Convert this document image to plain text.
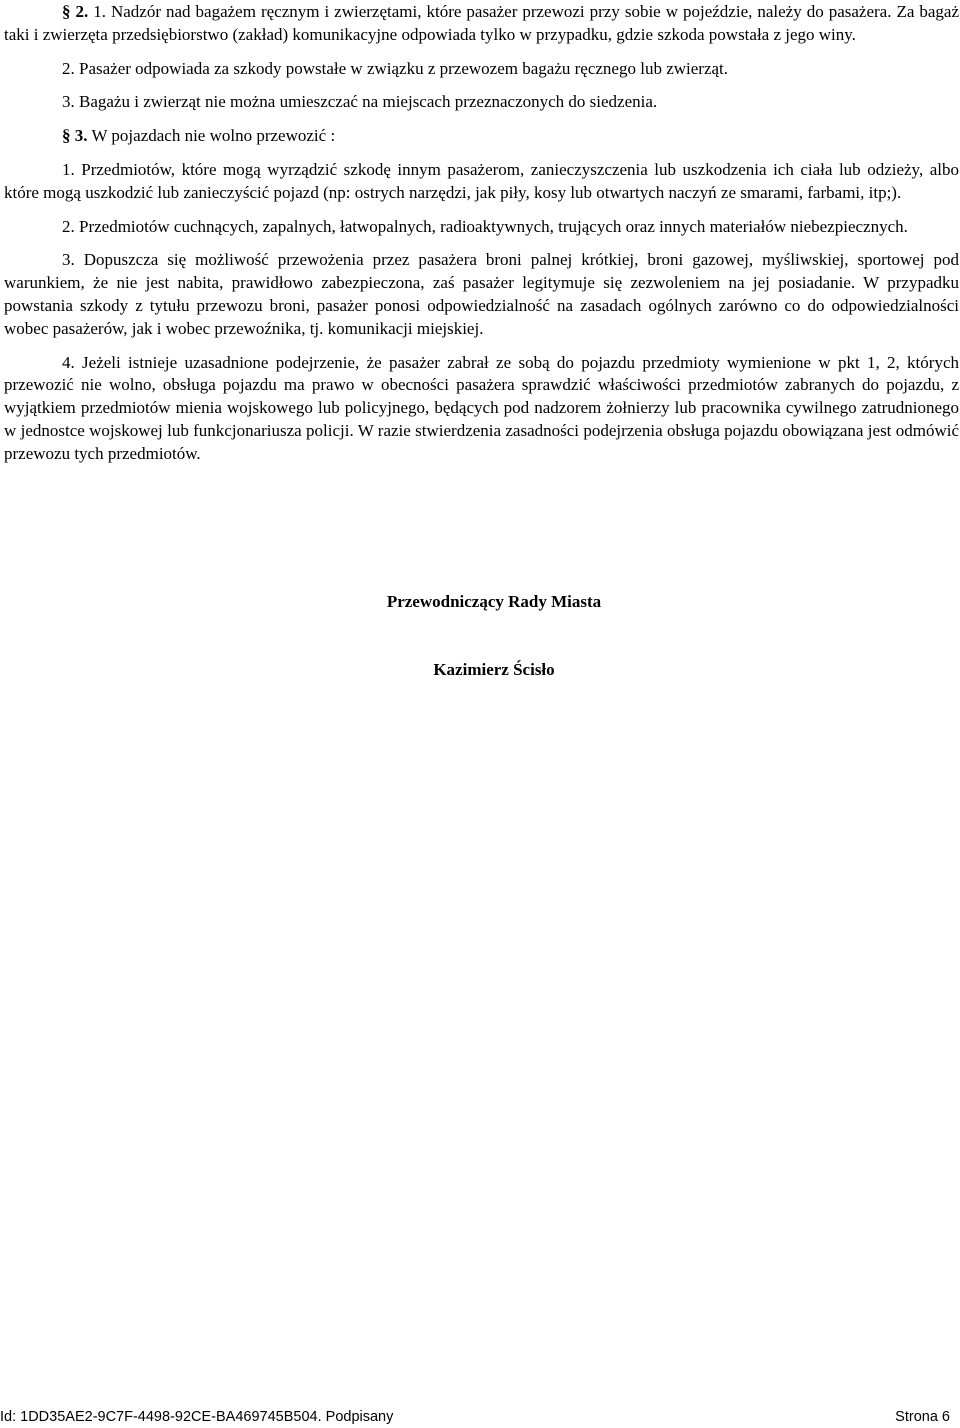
§ 2. 1. Nadzór nad bagażem ręcznym i zwierzętami, które pasażer przewozi przy sobie w pojeździe, należy do pasażera. Za bagaż taki i zwierzęta przedsiębiorstwo (zakład) komunikacyjne odpowiada tylko w przypadku, gdzie szkoda powstała z jego winy.

2. Pasażer odpowiada za szkody powstałe w związku z przewozem bagażu ręcznego lub zwierząt.

3. Bagażu i zwierząt nie można umieszczać na miejscach przeznaczonych do siedzenia.

§ 3. W pojazdach nie wolno przewozić :

1. Przedmiotów, które mogą wyrządzić szkodę innym pasażerom, zanieczyszczenia lub uszkodzenia ich ciała lub odzieży, albo które mogą uszkodzić lub zanieczyścić pojazd (np: ostrych narzędzi, jak piły, kosy lub otwartych naczyń ze smarami, farbami, itp;).

2. Przedmiotów cuchnących, zapalnych, łatwopalnych, radioaktywnych, trujących oraz innych materiałów niebezpiecznych.

3. Dopuszcza się możliwość przewożenia przez pasażera broni palnej krótkiej, broni gazowej, myśliwskiej, sportowej pod warunkiem, że nie jest nabita, prawidłowo zabezpieczona, zaś pasażer legitymuje się zezwoleniem na jej posiadanie. W przypadku powstania szkody z tytułu przewozu broni, pasażer ponosi odpowiedzialność na zasadach ogólnych zarówno co do odpowiedzialności wobec pasażerów, jak i wobec przewoźnika, tj. komunikacji miejskiej.

4. Jeżeli istnieje uzasadnione podejrzenie, że pasażer zabrał ze sobą do pojazdu przedmioty wymienione w pkt 1, 2, których przewozić nie wolno, obsługa pojazdu ma prawo w obecności pasażera sprawdzić właściwości przedmiotów zabranych do pojazdu, z wyjątkiem przedmiotów mienia wojskowego lub policyjnego, będących pod nadzorem żołnierzy lub pracownika cywilnego zatrudnionego w jednostce wojskowej lub funkcjonariusza policji. W razie stwierdzenia zasadności podejrzenia obsługa pojazdu obowiązana jest odmówić przewozu tych przedmiotów.

Przewodniczący Rady Miasta

Kazimierz Ścisło

Id: 1DD35AE2-9C7F-4498-92CE-BA469745B504. Podpisany	Strona 6
